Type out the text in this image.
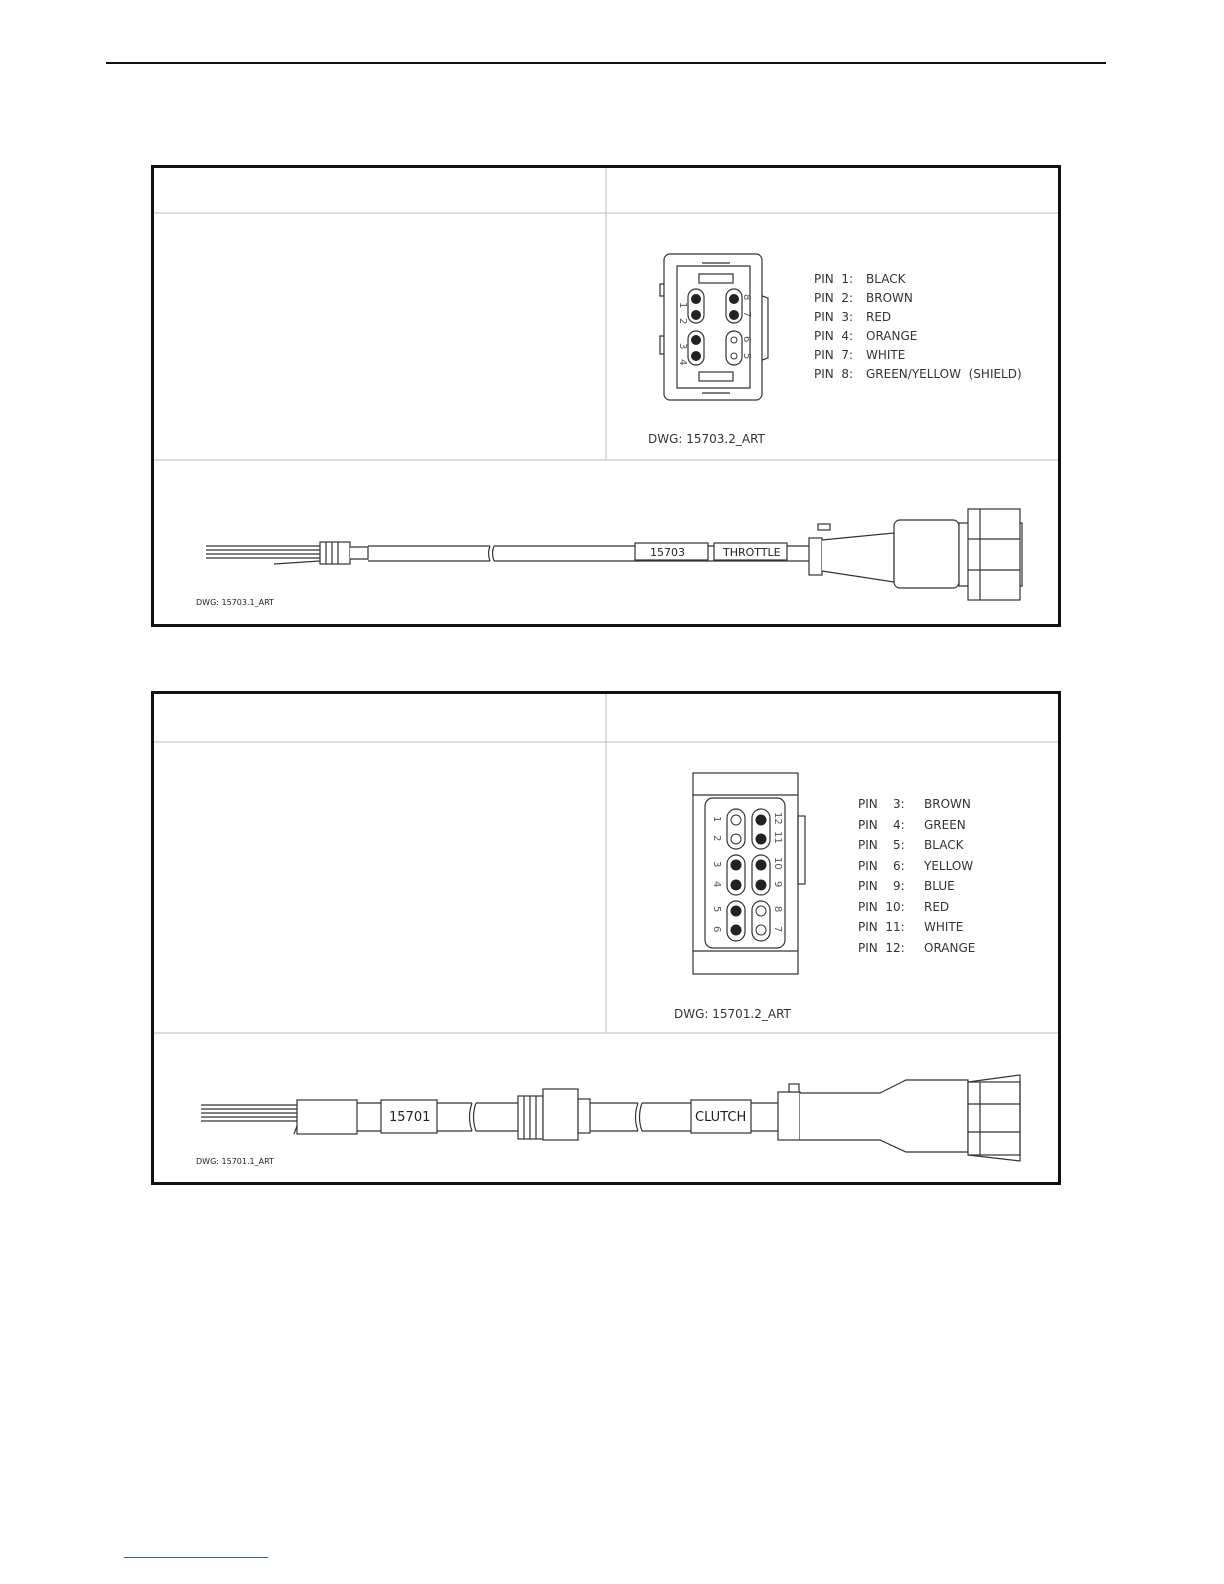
1
2
3
4
8
7
6
5
PIN  1: BLACK
PIN  2: BROWN
PIN  3: RED
PIN  4: ORANGE
PIN  7: WHITE
PIN  8: GREEN/YELLOW  (SHIELD)
DWG: 15703.2_ART
15703	THROTTLE
DWG: 15703.1_ART
1
2
3
4
5
6
12
11
10
9
8
7
PIN    3: BROWN
PIN    4: GREEN
PIN    5: BLACK
PIN    6: YELLOW
PIN    9: BLUE
PIN  10: RED
PIN  11: WHITE
PIN  12: ORANGE
DWG: 15701.2_ART
15701	CLUTCH
DWG: 15701.1_ART
